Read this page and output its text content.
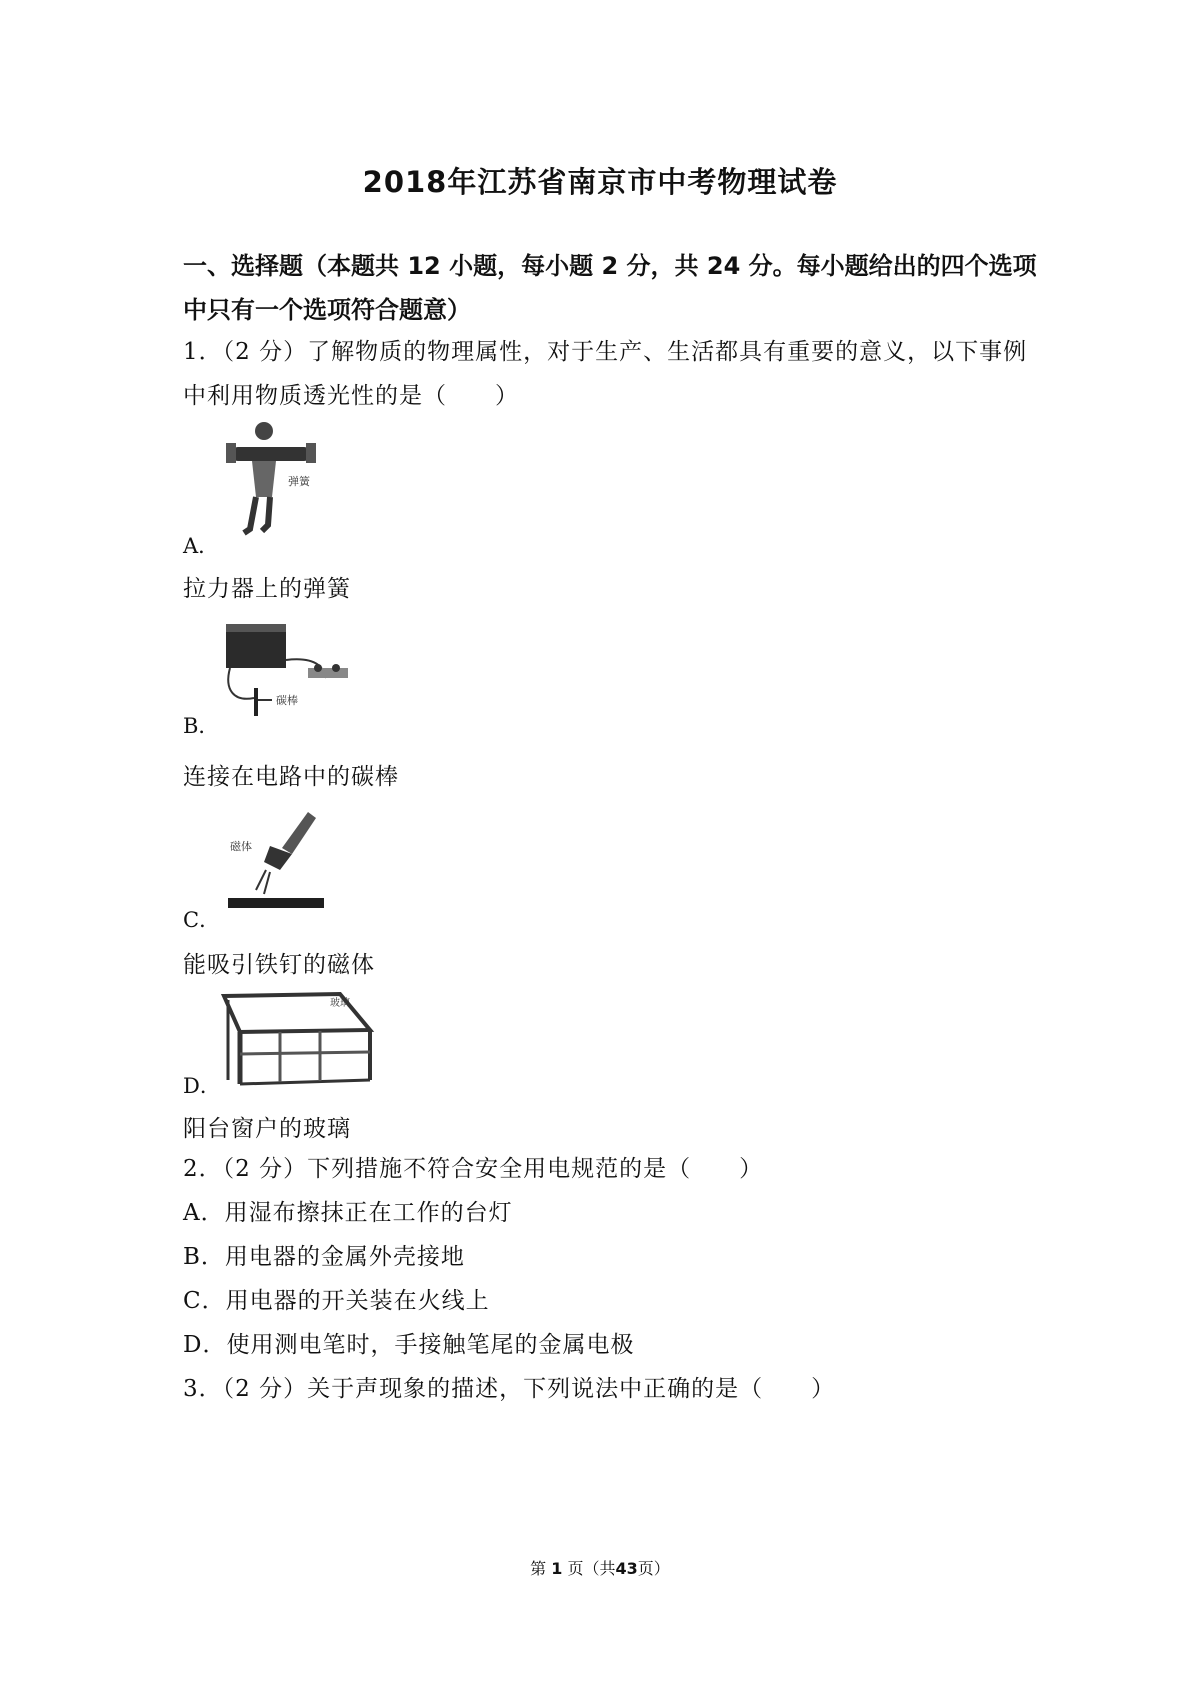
2018年江苏省南京市中考物理试卷
一、选择题（本题共 12 小题，每小题 2 分，共 24 分。每小题给出的四个选项
中只有一个选项符合题意）
1．（2 分）了解物质的物理属性，对于生产、生活都具有重要的意义，以下事例
中利用物质透光性的是（　　）
弹簧
A．
拉力器上的弹簧
碳棒
B．
连接在电路中的碳棒
磁体
C．
能吸引铁钉的磁体
玻璃
D．
阳台窗户的玻璃
2．（2 分）下列措施不符合安全用电规范的是（　　）
A．用湿布擦抹正在工作的台灯
B．用电器的金属外壳接地
C．用电器的开关装在火线上
D．使用测电笔时，手接触笔尾的金属电极
3．（2 分）关于声现象的描述，下列说法中正确的是（　　）
第 1 页（共43页）
